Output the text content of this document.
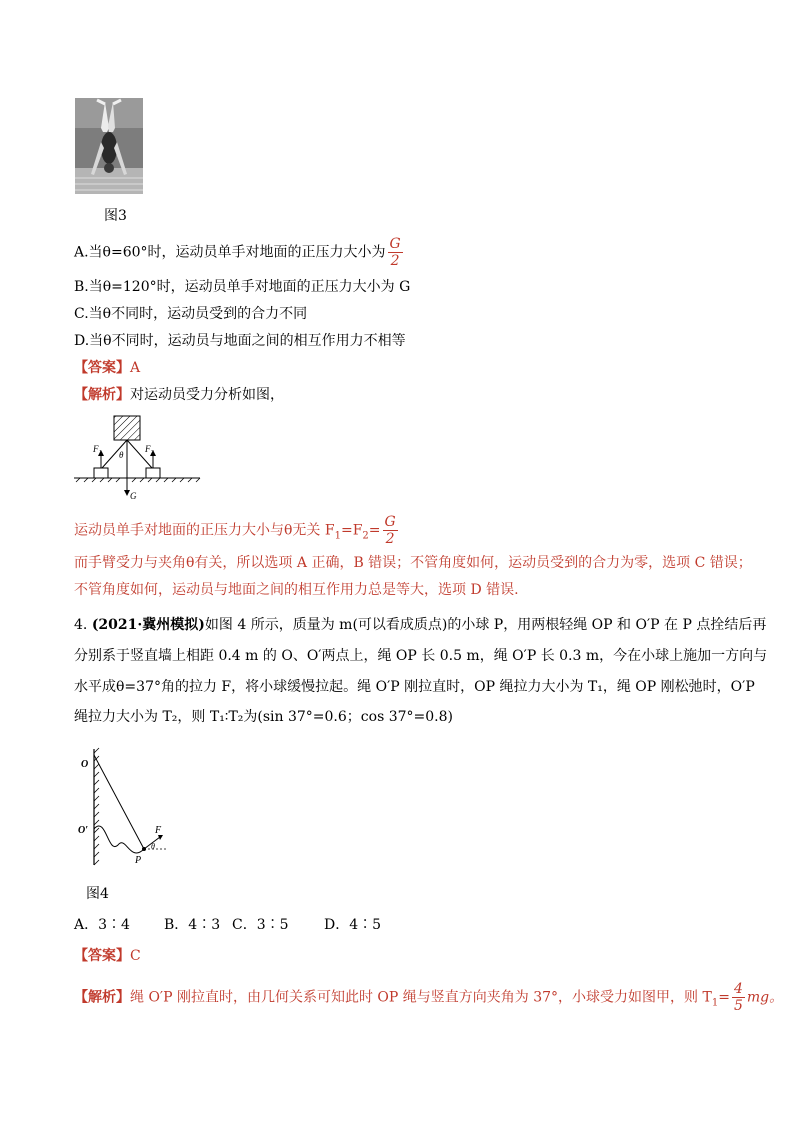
图3
A.当θ=60°时，运动员单手对地面的正压力大小为 $\frac{G}{2}$
B.当θ=120°时，运动员单手对地面的正压力大小为 G
C.当θ不同时，运动员受到的合力不同
D.当θ不同时，运动员与地面之间的相互作用力不相等
【答案】A
【解析】对运动员受力分析如图，
F 1	F 2
θ
G
运动员单手对地面的正压力大小与θ无关 $F_1=F_2= \frac{G}{2}$
而手臂受力与夹角θ有关，所以选项 A 正确，B 错误；不管角度如何，运动员受到的合力为零，选项 C 错误；
不管角度如何，运动员与地面之间的相互作用力总是等大，选项 D 错误.
4. (2021·冀州模拟)如图 4 所示，质量为 m(可以看成质点)的小球 P，用两根轻绳 OP 和 O′P 在 P 点拴结后再
分别系于竖直墙上相距 0.4 m 的 O、O′两点上，绳 OP 长 0.5 m，绳 O′P 长 0.3 m，今在小球上施加一方向与
水平成θ=37°角的拉力 F，将小球缓慢拉起。绳 O′P 刚拉直时，OP 绳拉力大小为 T₁，绳 OP 刚松弛时，O′P
绳拉力大小为 T₂，则 T₁∶T₂为(sin 37°=0.6；cos 37°=0.8)
O
O′
P
F
θ
图4
A．3∶4 B．4∶3 C．3∶5	D．4∶5
【答案】C
【解析】绳 O′P 刚拉直时，由几何关系可知此时 OP 绳与竖直方向夹角为 37°，小球受力如图甲，则 $T_1= \frac{4}{5}$ mg。
